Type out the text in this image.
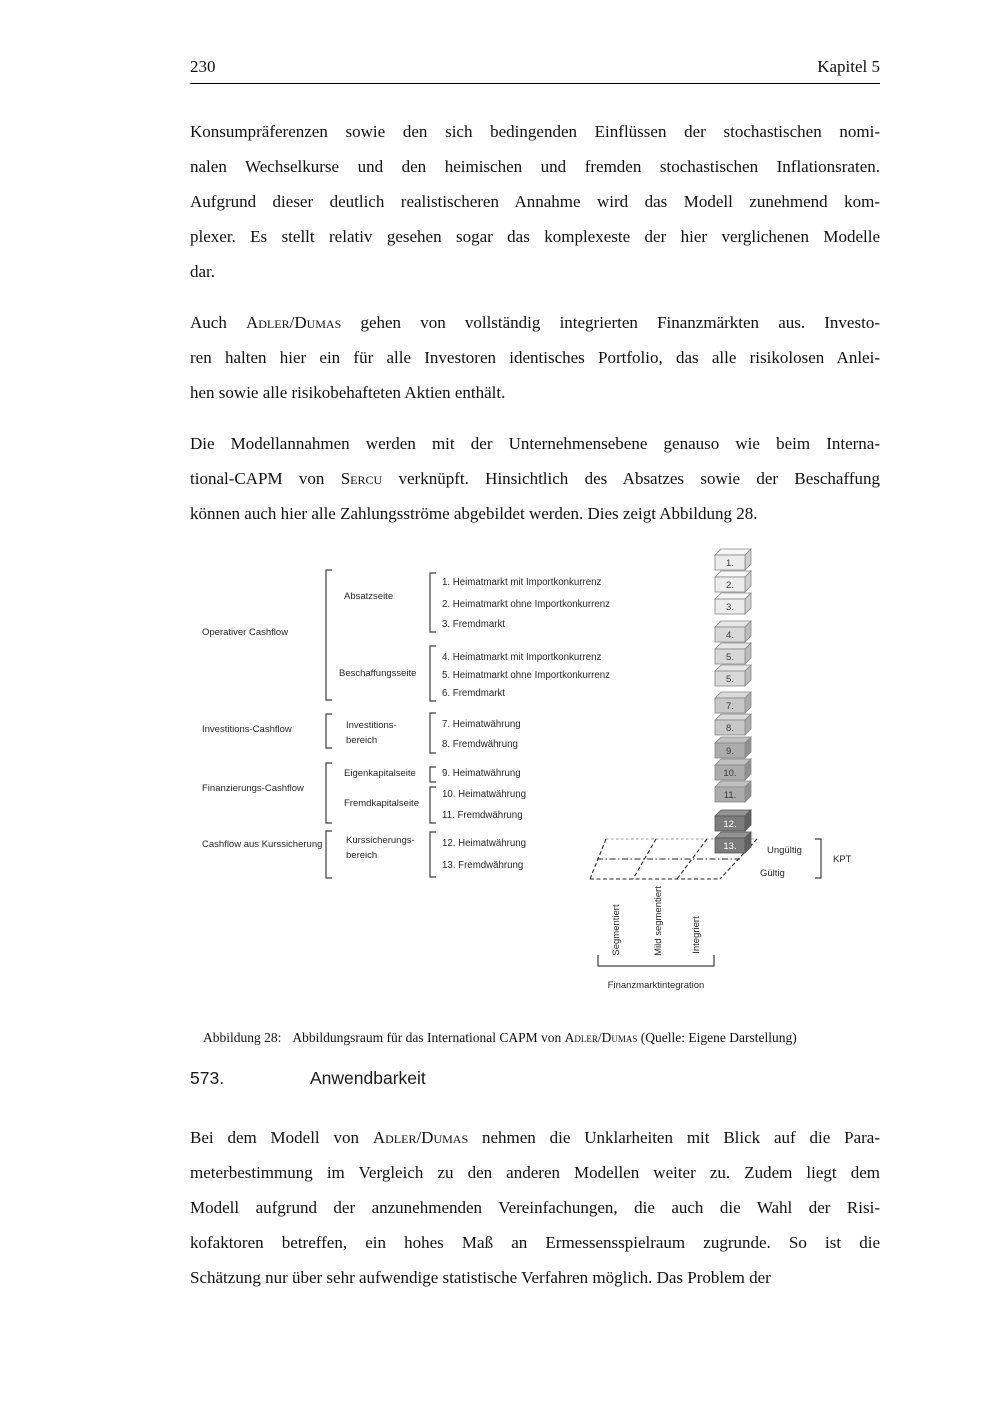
230	Kapitel 5
Konsumpräferenzen sowie den sich bedingenden Einflüssen der stochastischen nomi-
nalen Wechselkurse und den heimischen und fremden stochastischen Inflationsraten.
Aufgrund dieser deutlich realistischeren Annahme wird das Modell zunehmend kom-
plexer. Es stellt relativ gesehen sogar das komplexeste der hier verglichenen Modelle
dar.
Auch Adler/Dumas gehen von vollständig integrierten Finanzmärkten aus. Investo-
ren halten hier ein für alle Investoren identisches Portfolio, das alle risikolosen Anlei-
hen sowie alle risikobehafteten Aktien enthält.
Die Modellannahmen werden mit der Unternehmensebene genauso wie beim Interna-
tional-CAPM von Sercu verknüpft. Hinsichtlich des Absatzes sowie der Beschaffung
können auch hier alle Zahlungsströme abgebildet werden. Dies zeigt Abbildung 28.
Operativer Cashflow
Investitions-Cashflow
Finanzierungs-Cashflow
Cashflow aus Kurssicherung
Absatzseite
Beschaffungsseite
Investitions-
bereich
Eigenkapitalseite
Fremdkapitalseite
Kurssicherungs-
bereich
1. Heimatmarkt mit Importkonkurrenz
2. Heimatmarkt ohne Importkonkurrenz
3. Fremdmarkt
4. Heimatmarkt mit Importkonkurrenz
5. Heimatmarkt ohne Importkonkurrenz
6. Fremdmarkt
7. Heimatwährung
8. Fremdwährung
9. Heimatwährung
10. Heimatwährung
11. Fremdwährung
12. Heimatwährung
13. Fremdwährung
1.
2.
3.
4.
5.
5.
7.
8.
9.
10.
11.
12.
13.	Ungültig
Gültig
KPT
Segmentiert	Mild segmentiert	Integriert
Finanzmarktintegration
Abbildung 28: Abbildungsraum für das International CAPM von Adler/Dumas (Quelle: Eigene Darstellung)
573.	Anwendbarkeit
Bei dem Modell von Adler/Dumas nehmen die Unklarheiten mit Blick auf die Para-
meterbestimmung im Vergleich zu den anderen Modellen weiter zu. Zudem liegt dem
Modell aufgrund der anzunehmenden Vereinfachungen, die auch die Wahl der Risi-
kofaktoren betreffen, ein hohes Maß an Ermessensspielraum zugrunde. So ist die
Schätzung nur über sehr aufwendige statistische Verfahren möglich. Das Problem der
